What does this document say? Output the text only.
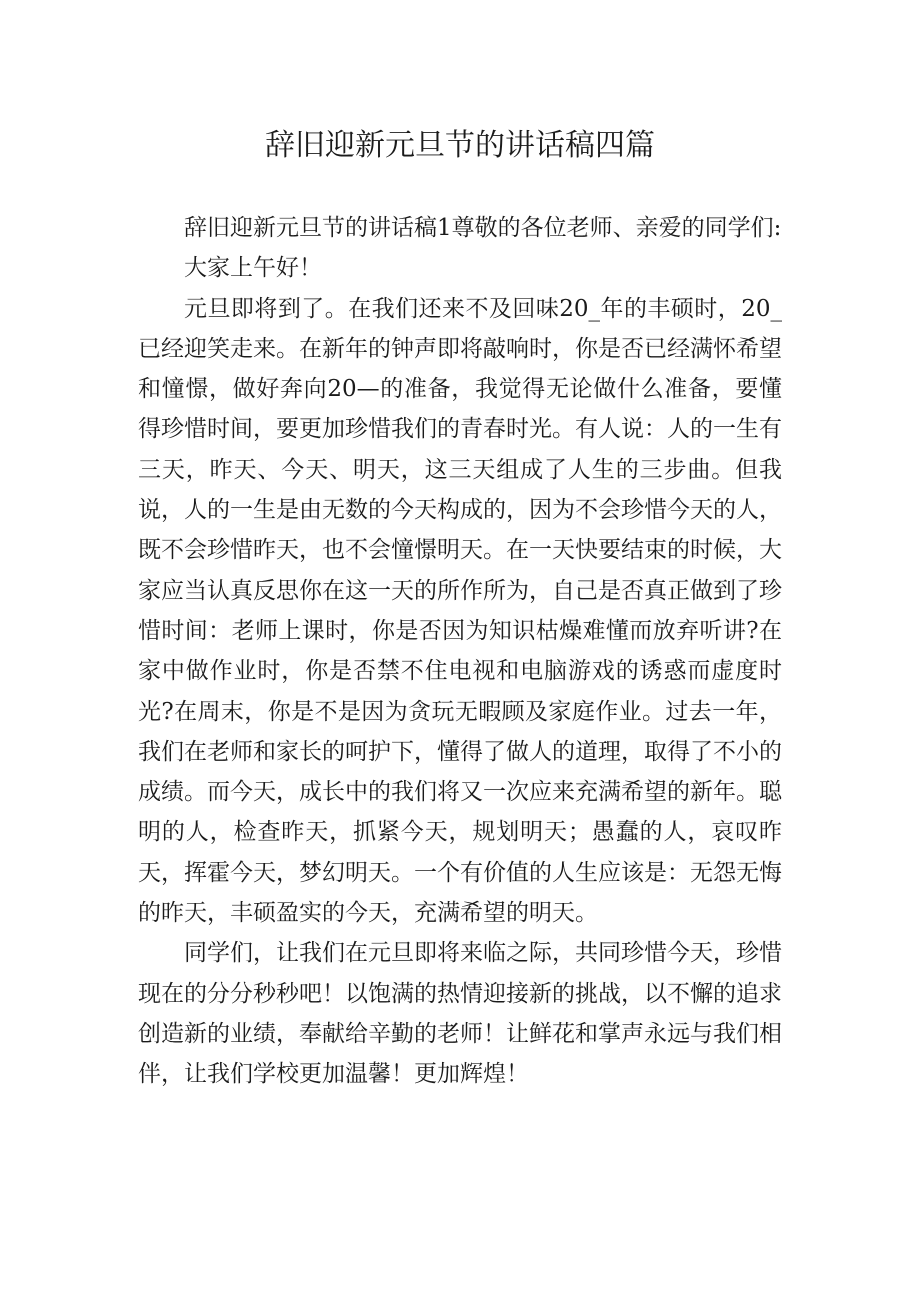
辞旧迎新元旦节的讲话稿四篇

辞旧迎新元旦节的讲话稿1尊敬的各位老师、亲爱的同学们:

大家上午好！

元旦即将到了。在我们还来不及回味20_年的丰硕时，20_已经迎笑走来。在新年的钟声即将敲响时，你是否已经满怀希望和憧憬，做好奔向20—的准备，我觉得无论做什么准备，要懂得珍惜时间，要更加珍惜我们的青春时光。有人说：人的一生有三天，昨天、今天、明天，这三天组成了人生的三步曲。但我说，人的一生是由无数的今天构成的，因为不会珍惜今天的人，既不会珍惜昨天，也不会憧憬明天。在一天快要结束的时候，大家应当认真反思你在这一天的所作所为，自己是否真正做到了珍惜时间：老师上课时，你是否因为知识枯燥难懂而放弃听讲?在家中做作业时，你是否禁不住电视和电脑游戏的诱惑而虚度时光?在周末，你是不是因为贪玩无暇顾及家庭作业。过去一年，我们在老师和家长的呵护下，懂得了做人的道理，取得了不小的成绩。而今天，成长中的我们将又一次应来充满希望的新年。聪明的人，检查昨天，抓紧今天，规划明天；愚蠢的人，哀叹昨天，挥霍今天，梦幻明天。一个有价值的人生应该是：无怨无悔的昨天，丰硕盈实的今天，充满希望的明天。

同学们，让我们在元旦即将来临之际，共同珍惜今天，珍惜现在的分分秒秒吧！以饱满的热情迎接新的挑战，以不懈的追求创造新的业绩，奉献给辛勤的老师！让鲜花和掌声永远与我们相伴，让我们学校更加温馨！更加辉煌！
